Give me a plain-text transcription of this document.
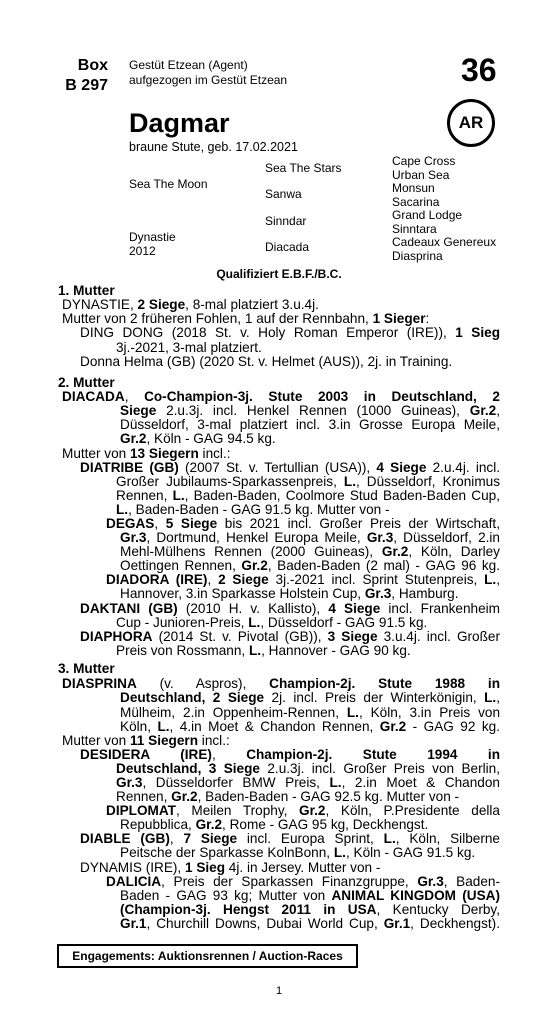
Box
B 297
Gestüt Etzean (Agent)
aufgezogen im Gestüt Etzean	36
Dagmar	AR
braune Stute, geb. 17.02.2021
Sea The Moon
Dynastie
2012
Sea The Stars
Sanwa
Sinndar
Diacada
Cape Cross
Urban Sea
Monsun
Sacarina
Grand Lodge
Sinntara
Cadeaux Genereux
Diasprina
Qualifiziert E.B.F./B.C.
1. Mutter
DYNASTIE, 2 Siege, 8-mal platziert 3.u.4j.
Mutter von 2 früheren Fohlen, 1 auf der Rennbahn, 1 Sieger:
DING DONG (2018 St. v. Holy Roman Emperor (IRE)), 1 Sieg
3j.-2021, 3-mal platziert.
Donna Helma (GB) (2020 St. v. Helmet (AUS)), 2j. in Training.
2. Mutter
DIACADA, Co-Champion-3j. Stute 2003 in Deutschland, 2
Siege 2.u.3j. incl. Henkel Rennen (1000 Guineas), Gr.2,
Düsseldorf, 3-mal platziert incl. 3.in Grosse Europa Meile,
Gr.2, Köln - GAG 94.5 kg.
Mutter von 13 Siegern incl.:
DIATRIBE (GB) (2007 St. v. Tertullian (USA)), 4 Siege 2.u.4j. incl.
Großer Jubilaums-Sparkassenpreis, L., Düsseldorf, Kronimus
Rennen, L., Baden-Baden, Coolmore Stud Baden-Baden Cup,
L., Baden-Baden - GAG 91.5 kg. Mutter von -
DEGAS, 5 Siege bis 2021 incl. Großer Preis der Wirtschaft,
Gr.3, Dortmund, Henkel Europa Meile, Gr.3, Düsseldorf, 2.in
Mehl-Mülhens Rennen (2000 Guineas), Gr.2, Köln, Darley
Oettingen Rennen, Gr.2, Baden-Baden (2 mal) - GAG 96 kg.
DIADORA (IRE), 2 Siege 3j.-2021 incl. Sprint Stutenpreis, L.,
Hannover, 3.in Sparkasse Holstein Cup, Gr.3, Hamburg.
DAKTANI (GB) (2010 H. v. Kallisto), 4 Siege incl. Frankenheim
Cup - Junioren-Preis, L., Düsseldorf - GAG 91.5 kg.
DIAPHORA (2014 St. v. Pivotal (GB)), 3 Siege 3.u.4j. incl. Großer
Preis von Rossmann, L., Hannover - GAG 90 kg.
3. Mutter
DIASPRINA (v. Aspros), Champion-2j. Stute 1988 in
Deutschland, 2 Siege 2j. incl. Preis der Winterkönigin, L.,
Mülheim, 2.in Oppenheim-Rennen, L., Köln, 3.in Preis von
Köln, L., 4.in Moet & Chandon Rennen, Gr.2 - GAG 92 kg.
Mutter von 11 Siegern incl.:
DESIDERA (IRE), Champion-2j. Stute 1994 in
Deutschland, 3 Siege 2.u.3j. incl. Großer Preis von Berlin,
Gr.3, Düsseldorfer BMW Preis, L., 2.in Moet & Chandon
Rennen, Gr.2, Baden-Baden - GAG 92.5 kg. Mutter von -
DIPLOMAT, Meilen Trophy, Gr.2, Köln, P.Presidente della
Repubblica, Gr.2, Rome - GAG 95 kg, Deckhengst.
DIABLE (GB), 7 Siege incl. Europa Sprint, L., Köln, Silberne
Peitsche der Sparkasse KolnBonn, L., Köln - GAG 91.5 kg.
DYNAMIS (IRE), 1 Sieg 4j. in Jersey. Mutter von -
DALICIA, Preis der Sparkassen Finanzgruppe, Gr.3, Baden-
Baden - GAG 93 kg; Mutter von ANIMAL KINGDOM (USA)
(Champion-3j. Hengst 2011 in USA, Kentucky Derby,
Gr.1, Churchill Downs, Dubai World Cup, Gr.1, Deckhengst).
Engagements: Auktionsrennen / Auction-Races
1
